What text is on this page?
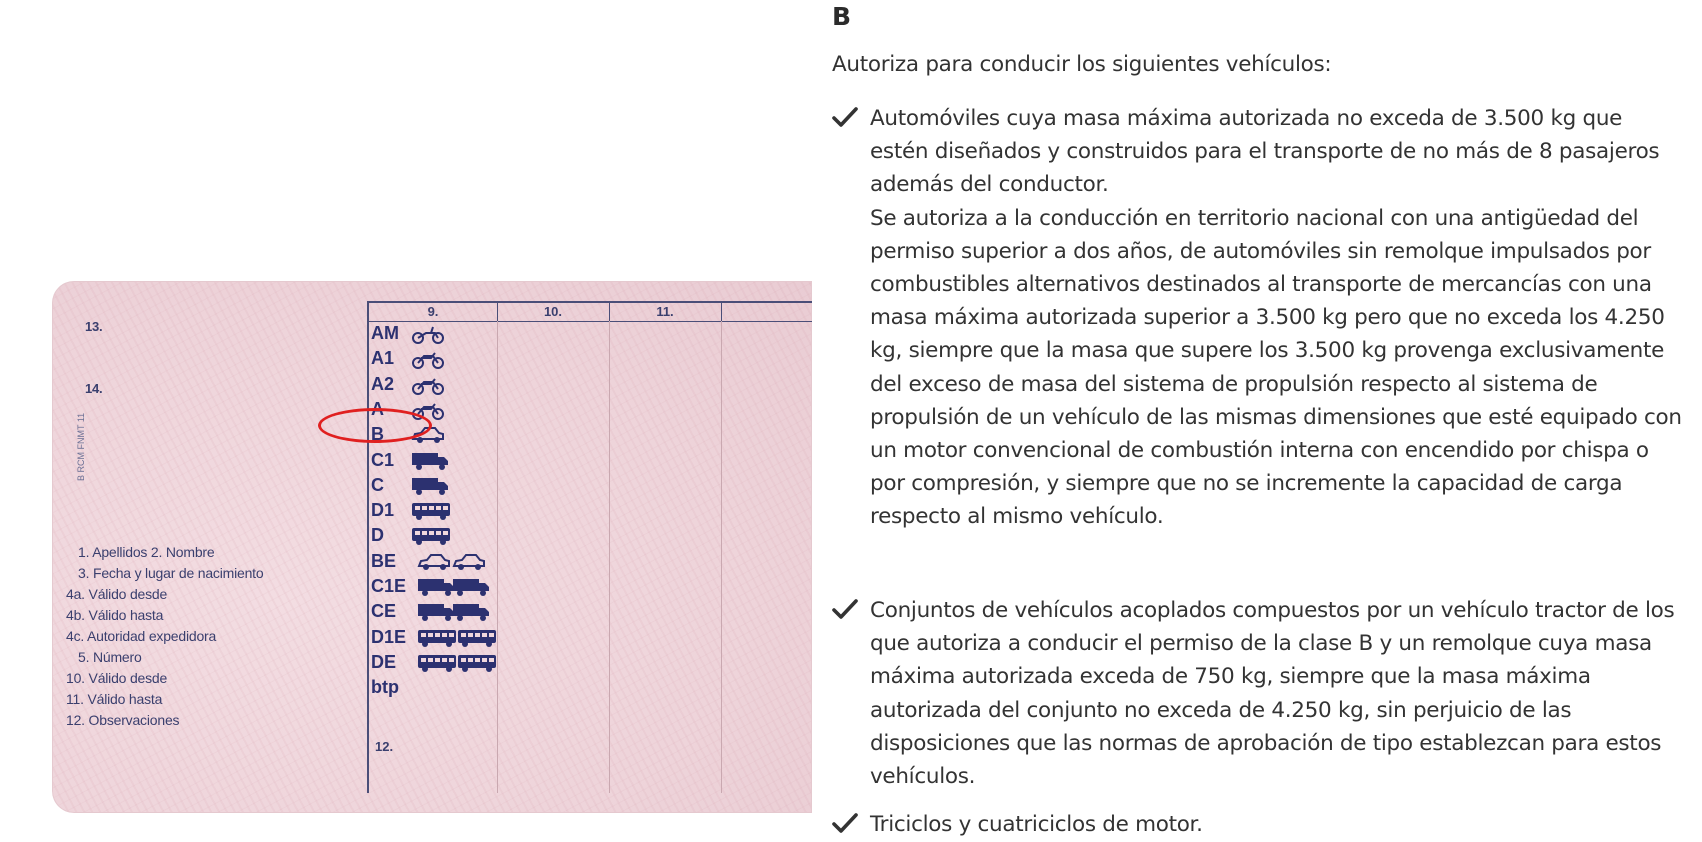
13.
14.
B RCM FNMT 11
1. Apellidos 2. Nombre
3. Fecha y lugar de nacimiento
4a. Válido desde
4b. Válido hasta
4c. Autoridad expedidora
5. Número
10. Válido desde
11. Válido hasta
12. Observaciones
9.	10.	11.
AM
A1
A2
A
B
C1
C
D1
D
BE
C1E
CE
D1E
DE
btp
12.
B

Autoriza para conducir los siguientes vehículos:

Automóviles cuya masa máxima autorizada no exceda de 3.500 kg que estén diseñados y construidos para el transporte de no más de 8 pasajeros además del conductor.

Se autoriza a la conducción en territorio nacional con una antigüedad del permiso superior a dos años, de automóviles sin remolque impulsados por combustibles alternativos destinados al transporte de mercancías con una masa máxima autorizada superior a 3.500 kg pero que no exceda los 4.250 kg, siempre que la masa que supere los 3.500 kg provenga exclusivamente del exceso de masa del sistema de propulsión respecto al sistema de propulsión de un vehículo de las mismas dimensiones que esté equipado con un motor convencional de combustión interna con encendido por chispa o por compresión, y siempre que no se incremente la capacidad de carga respecto al mismo vehículo.

Conjuntos de vehículos acoplados compuestos por un vehículo tractor de los que autoriza a conducir el permiso de la clase B y un remolque cuya masa máxima autorizada exceda de 750 kg, siempre que la masa máxima autorizada del conjunto no exceda de 4.250 kg, sin perjuicio de las disposiciones que las normas de aprobación de tipo establezcan para estos vehículos.

Triciclos y cuatriciclos de motor.
